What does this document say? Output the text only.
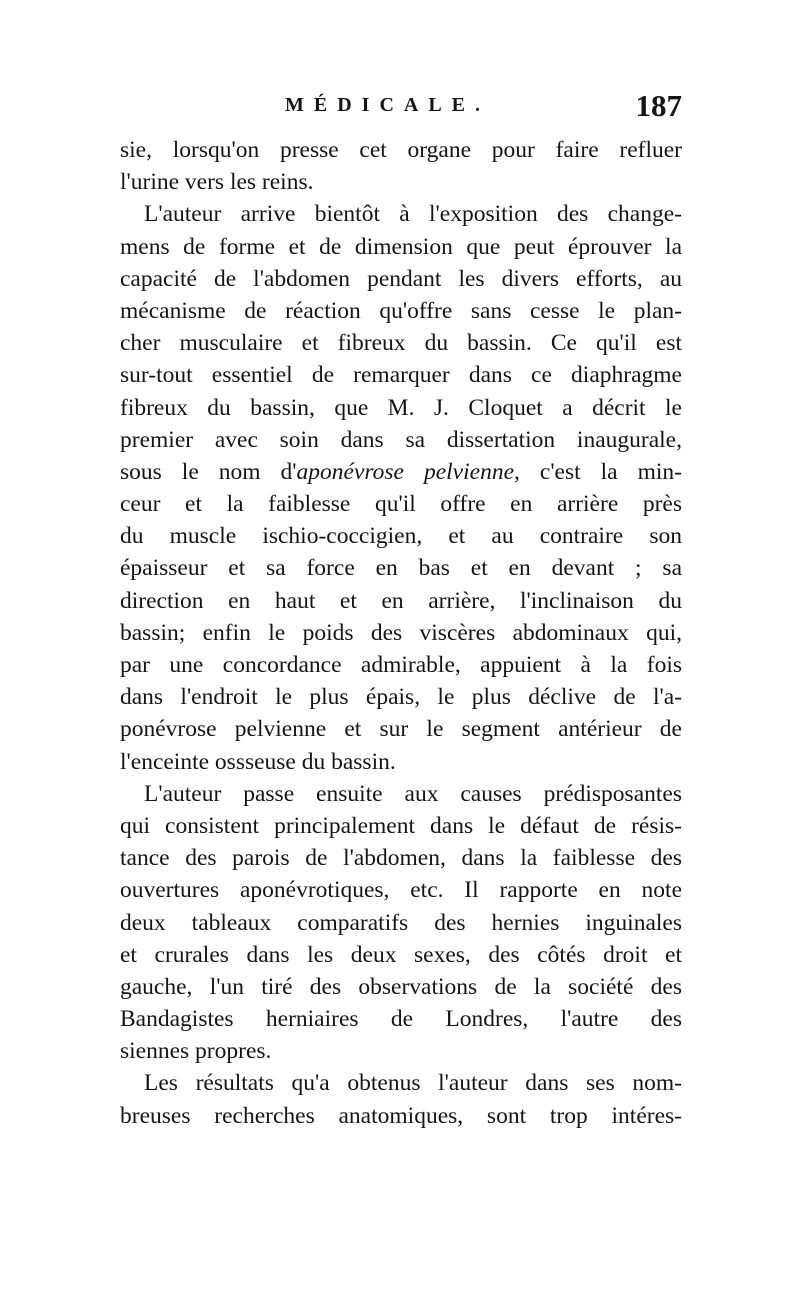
MÉDICALE.	187
sie, lorsqu'on presse cet organe pour faire refluer
l'urine vers les reins.
L'auteur arrive bientôt à l'exposition des change-
mens de forme et de dimension que peut éprouver la
capacité de l'abdomen pendant les divers efforts, au
mécanisme de réaction qu'offre sans cesse le plan-
cher musculaire et fibreux du bassin. Ce qu'il est
sur-tout essentiel de remarquer dans ce diaphragme
fibreux du bassin, que M. J. Cloquet a décrit le
premier avec soin dans sa dissertation inaugurale,
sous le nom d'aponévrose pelvienne, c'est la min-
ceur et la faiblesse qu'il offre en arrière près
du muscle ischio-coccigien, et au contraire son
épaisseur et sa force en bas et en devant ; sa
direction en haut et en arrière, l'inclinaison du
bassin; enfin le poids des viscères abdominaux qui,
par une concordance admirable, appuient à la fois
dans l'endroit le plus épais, le plus déclive de l'a-
ponévrose pelvienne et sur le segment antérieur de
l'enceinte ossseuse du bassin.
L'auteur passe ensuite aux causes prédisposantes
qui consistent principalement dans le défaut de résis-
tance des parois de l'abdomen, dans la faiblesse des
ouvertures aponévrotiques, etc. Il rapporte en note
deux tableaux comparatifs des hernies inguinales
et crurales dans les deux sexes, des côtés droit et
gauche, l'un tiré des observations de la société des
Bandagistes herniaires de Londres, l'autre des
siennes propres.
Les résultats qu'a obtenus l'auteur dans ses nom-
breuses recherches anatomiques, sont trop intéres-
